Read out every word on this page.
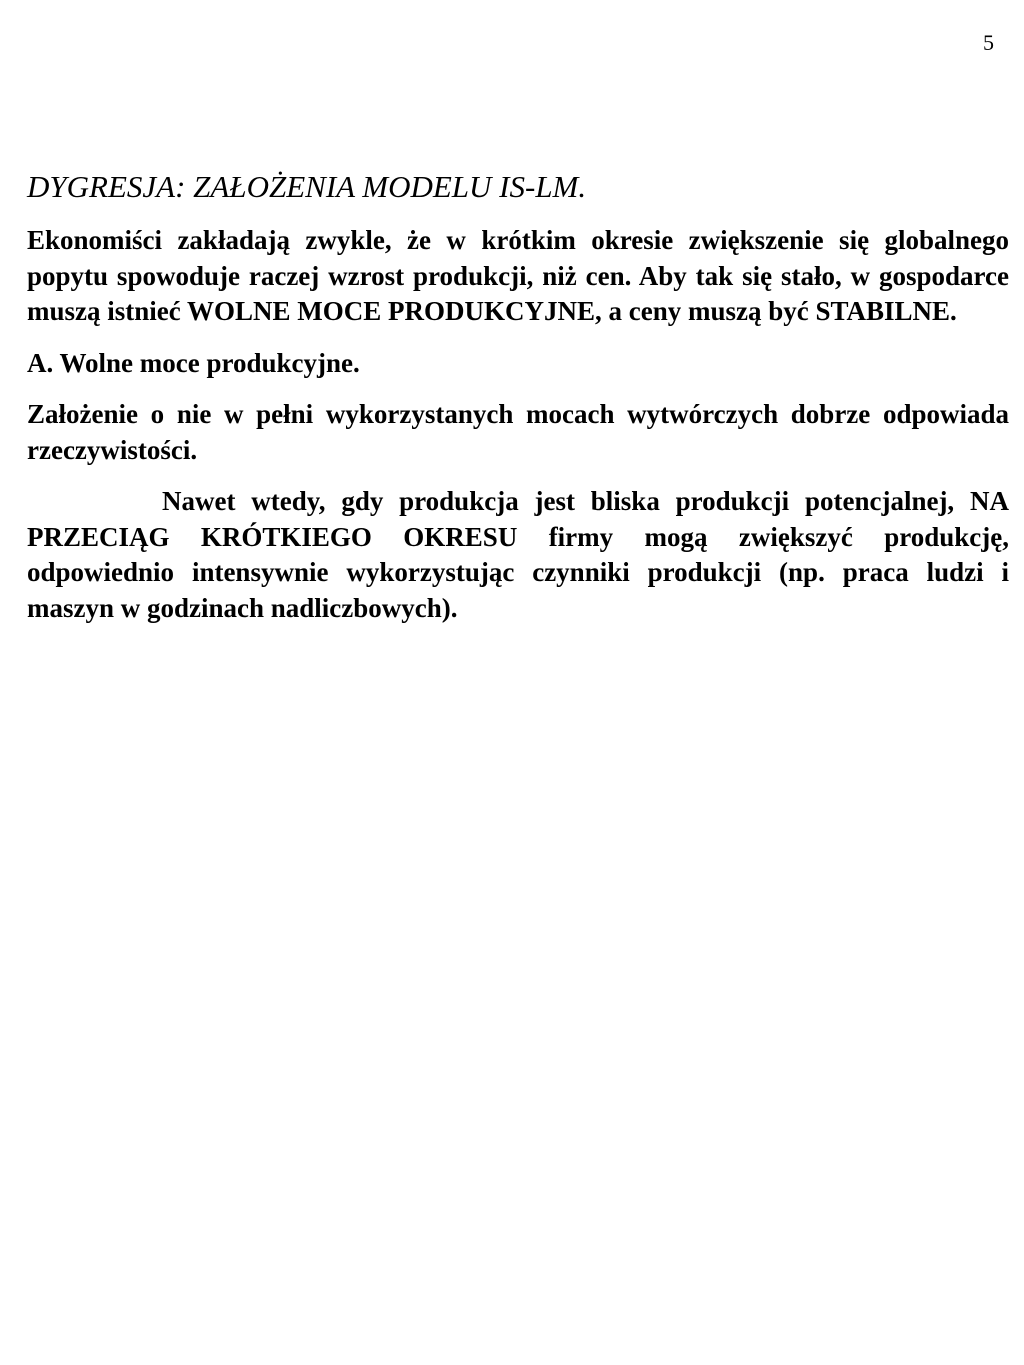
5
DYGRESJA: ZAŁOŻENIA MODELU IS-LM.

Ekonomiści zakładają zwykle, że w krótkim okresie zwiększenie się globalnego popytu spowoduje raczej wzrost produkcji, niż cen. Aby tak się stało, w gospodarce muszą istnieć WOLNE MOCE PRODUKCYJNE, a ceny muszą być STABILNE.

A. Wolne moce produkcyjne.

Założenie o nie w pełni wykorzystanych mocach wytwórczych dobrze odpowiada rzeczywistości.

Nawet wtedy, gdy produkcja jest bliska produkcji potencjalnej, NA PRZECIĄG KRÓTKIEGO OKRESU firmy mogą zwiększyć produkcję, odpowiednio intensywnie wykorzystując czynniki produkcji (np. praca ludzi i maszyn w godzinach nadliczbowych).
